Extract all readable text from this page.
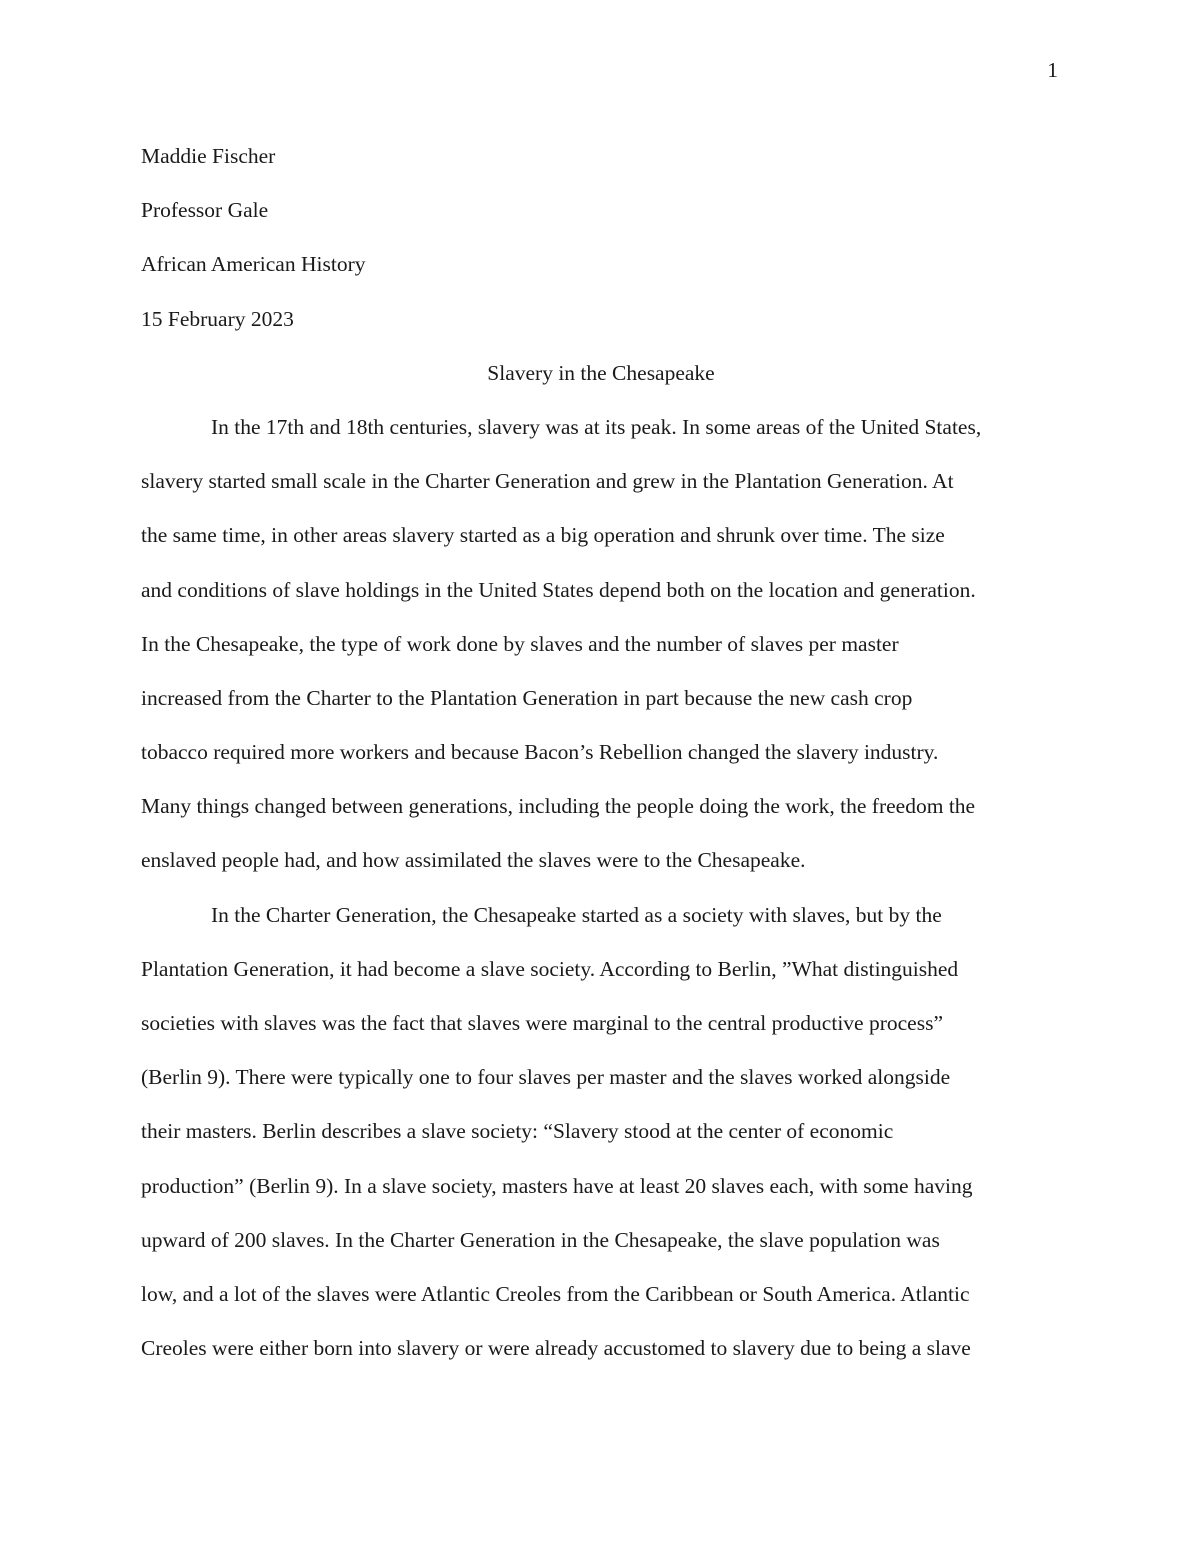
1
Maddie Fischer
Professor Gale
African American History
15 February 2023
Slavery in the Chesapeake
In the 17th and 18th centuries, slavery was at its peak. In some areas of the United States,
slavery started small scale in the Charter Generation and grew in the Plantation Generation. At
the same time, in other areas slavery started as a big operation and shrunk over time. The size
and conditions of slave holdings in the United States depend both on the location and generation.
In the Chesapeake, the type of work done by slaves and the number of slaves per master
increased from the Charter to the Plantation Generation in part because the new cash crop
tobacco required more workers and because Bacon’s Rebellion changed the slavery industry.
Many things changed between generations, including the people doing the work, the freedom the
enslaved people had, and how assimilated the slaves were to the Chesapeake.
In the Charter Generation, the Chesapeake started as a society with slaves, but by the
Plantation Generation, it had become a slave society. According to Berlin, ”What distinguished
societies with slaves was the fact that slaves were marginal to the central productive process”
(Berlin 9). There were typically one to four slaves per master and the slaves worked alongside
their masters. Berlin describes a slave society: “Slavery stood at the center of economic
production” (Berlin 9). In a slave society, masters have at least 20 slaves each, with some having
upward of 200 slaves. In the Charter Generation in the Chesapeake, the slave population was
low, and a lot of the slaves were Atlantic Creoles from the Caribbean or South America. Atlantic
Creoles were either born into slavery or were already accustomed to slavery due to being a slave
